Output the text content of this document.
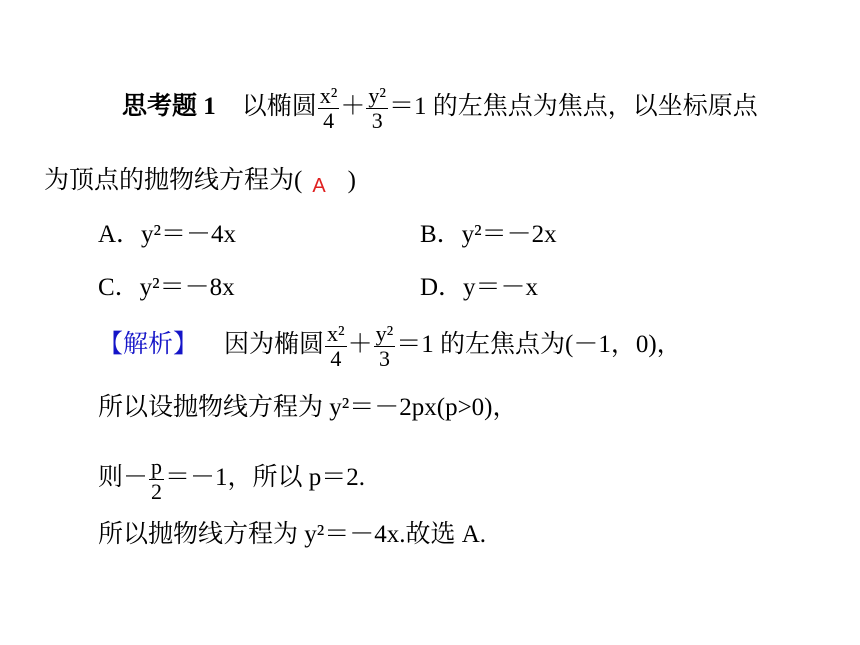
思考题 1 以椭圆 $\frac{\text{x²}}{4} + \frac{\text{y²}}{3} =1$ 的左焦点为焦点，以坐标原点
为顶点的抛物线方程为( A )
A．y²＝－4x	B．y²＝－2x
C．y²＝－8x	D．y＝－x
【解析】 因为椭圆 $\frac{\text{x²}}{4} + \frac{\text{y²}}{3} =1$ 的左焦点为(－1，0)，
所以设抛物线方程为 y²＝－2px(p>0)，
则－ $\frac{p}{2} =-1$，所以 p＝2.
所以抛物线方程为 y²＝－4x.故选 A.
